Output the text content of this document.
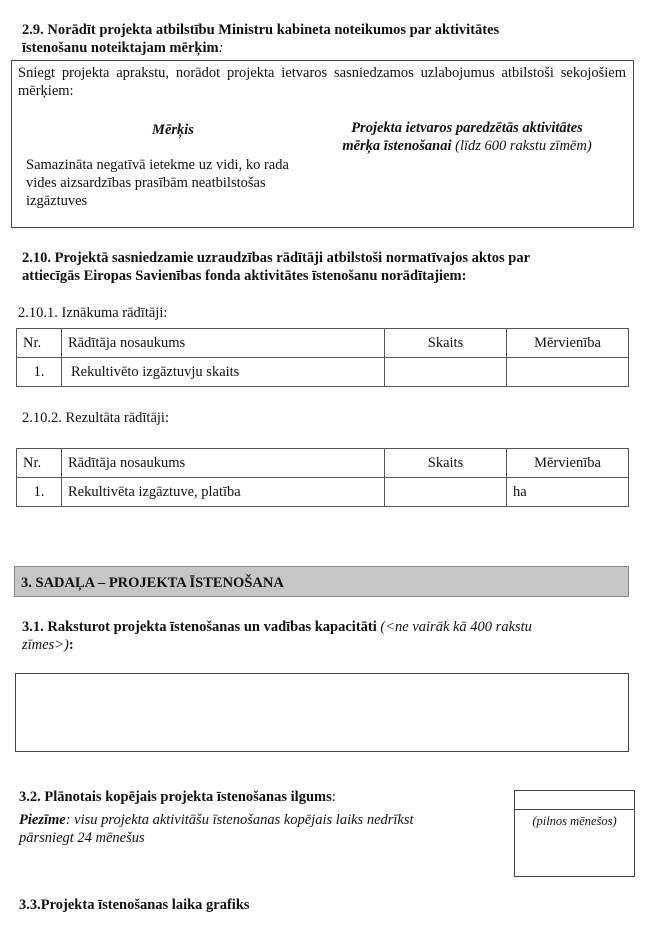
2.9. Norādīt projekta atbilstību Ministru kabineta noteikumos par aktivitātes
īstenošanu noteiktajam mērķim:
Sniegt projekta aprakstu, norādot projekta ietvaros sasniedzamos uzlabojumus atbilstoši sekojošiem mērķiem:
Mērķis	Projekta ietvaros paredzētās aktivitātes
mērķa īstenošanai (līdz 600 rakstu zīmēm)
Samazināta negatīvā ietekme uz vidi, ko rada vides aizsardzības prasībām neatbilstošas izgāztuves
2.10. Projektā sasniedzamie uzraudzības rādītāji atbilstoši normatīvajos aktos par
attiecīgās Eiropas Savienības fonda aktivitātes īstenošanu norādītajiem:
2.10.1. Iznākuma rādītāji:
Nr.	Rādītāja nosaukums	Skaits	Mērvienība
1.	Rekultivēto izgāztuvju skaits		
2.10.2. Rezultāta rādītāji:
Nr.	Rādītāja nosaukums	Skaits	Mērvienība
1.	Rekultivēta izgāztuve, platība		ha
3. SADAĻA – PROJEKTA ĪSTENOŠANA
3.1. Raksturot projekta īstenošanas un vadības kapacitāti (<ne vairāk kā 400 rakstu zīmes>):
3.2. Plānotais kopējais projekta īstenošanas ilgums:
Piezīme: visu projekta aktivitāšu īstenošanas kopējais laiks nedrīkst pārsniegt 24 mēnešus
(pilnos mēnešos)
3.3.Projekta īstenošanas laika grafiks
